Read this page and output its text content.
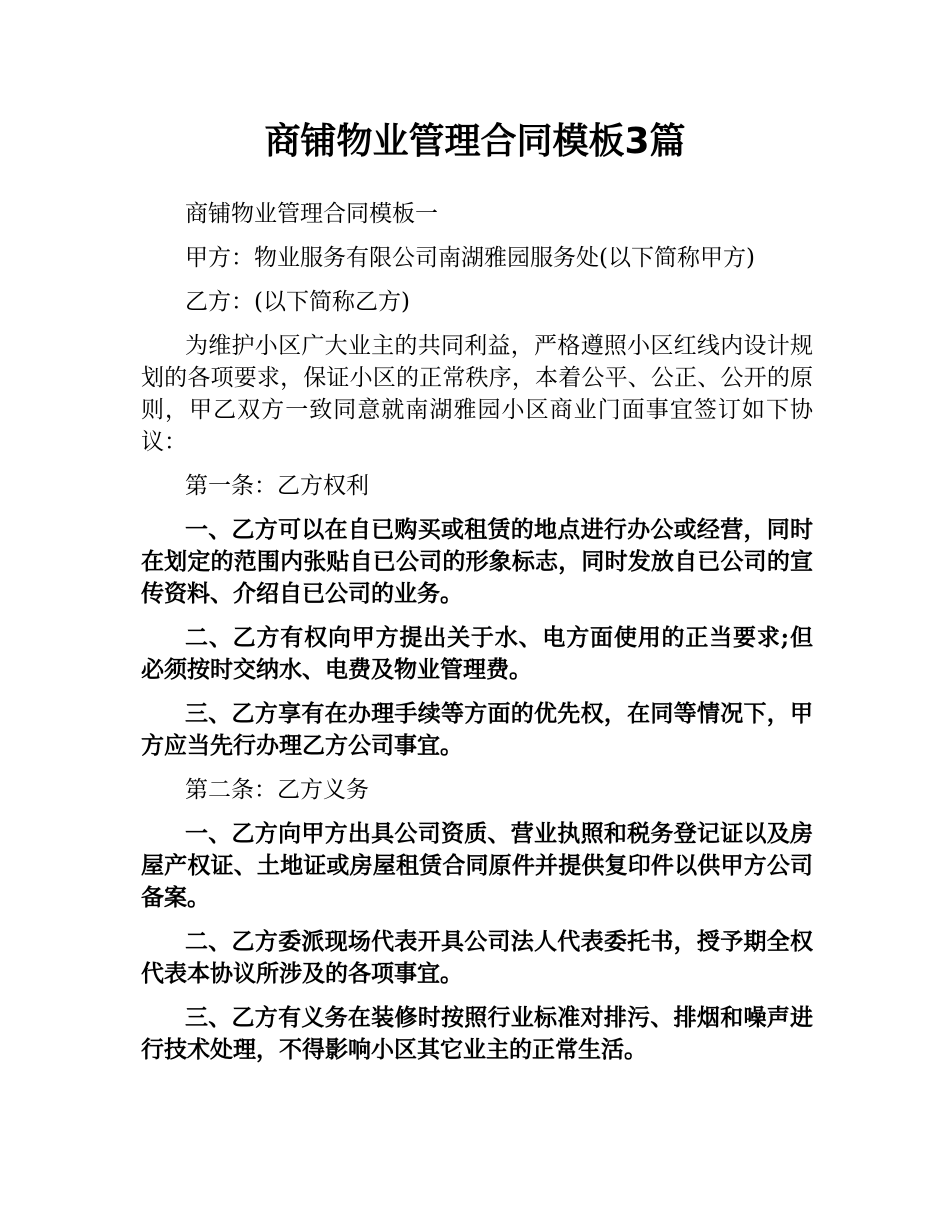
商铺物业管理合同模板3篇

商铺物业管理合同模板一

甲方：物业服务有限公司南湖雅园服务处(以下简称甲方)

乙方：(以下简称乙方)

为维护小区广大业主的共同利益，严格遵照小区红线内设计规划的各项要求，保证小区的正常秩序，本着公平、公正、公开的原则，甲乙双方一致同意就南湖雅园小区商业门面事宜签订如下协议：

第一条：乙方权利

一、乙方可以在自已购买或租赁的地点进行办公或经营，同时在划定的范围内张贴自已公司的形象标志，同时发放自已公司的宣传资料、介绍自已公司的业务。

二、乙方有权向甲方提出关于水、电方面使用的正当要求;但必须按时交纳水、电费及物业管理费。

三、乙方享有在办理手续等方面的优先权，在同等情况下，甲方应当先行办理乙方公司事宜。

第二条：乙方义务

一、乙方向甲方出具公司资质、营业执照和税务登记证以及房屋产权证、土地证或房屋租赁合同原件并提供复印件以供甲方公司备案。

二、乙方委派现场代表开具公司法人代表委托书，授予期全权代表本协议所涉及的各项事宜。

三、乙方有义务在装修时按照行业标准对排污、排烟和噪声进行技术处理，不得影响小区其它业主的正常生活。
